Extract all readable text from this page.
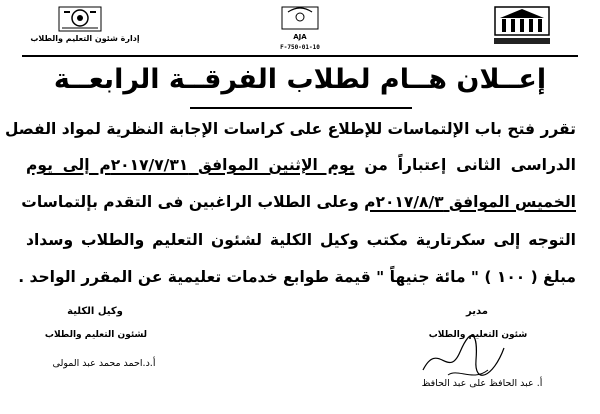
إدارة شئون التعليم والطلاب	AJA
F-750-01-10
إعــلان هــام لطلاب الفرقــة الرابعــة
تقرر فتح باب الإلتماسات للإطلاع على كراسات الإجابة النظرية لمواد الفصل
الدراسى الثانى إعتباراً من يوم الإثنين الموافق ٢٠١٧/٧/٣١م إلى يوم
الخميس الموافق ٢٠١٧/٨/٣م وعلى الطلاب الراغبين فى التقدم بإلتماسات
التوجه إلى سكرتارية مكتب وكيل الكلية لشئون التعليم والطلاب وسداد
مبلغ ( ١٠٠ ) " مائة جنيهاً " قيمة طوابع خدمات تعليمية عن المقرر الواحد .
وكيل الكلية
لشئون التعليم والطلاب
أ.د.احمد محمد عبد المولى
مدير
شئون التعليم والطلاب
أ. عبد الحافظ على عبد الحافظ
